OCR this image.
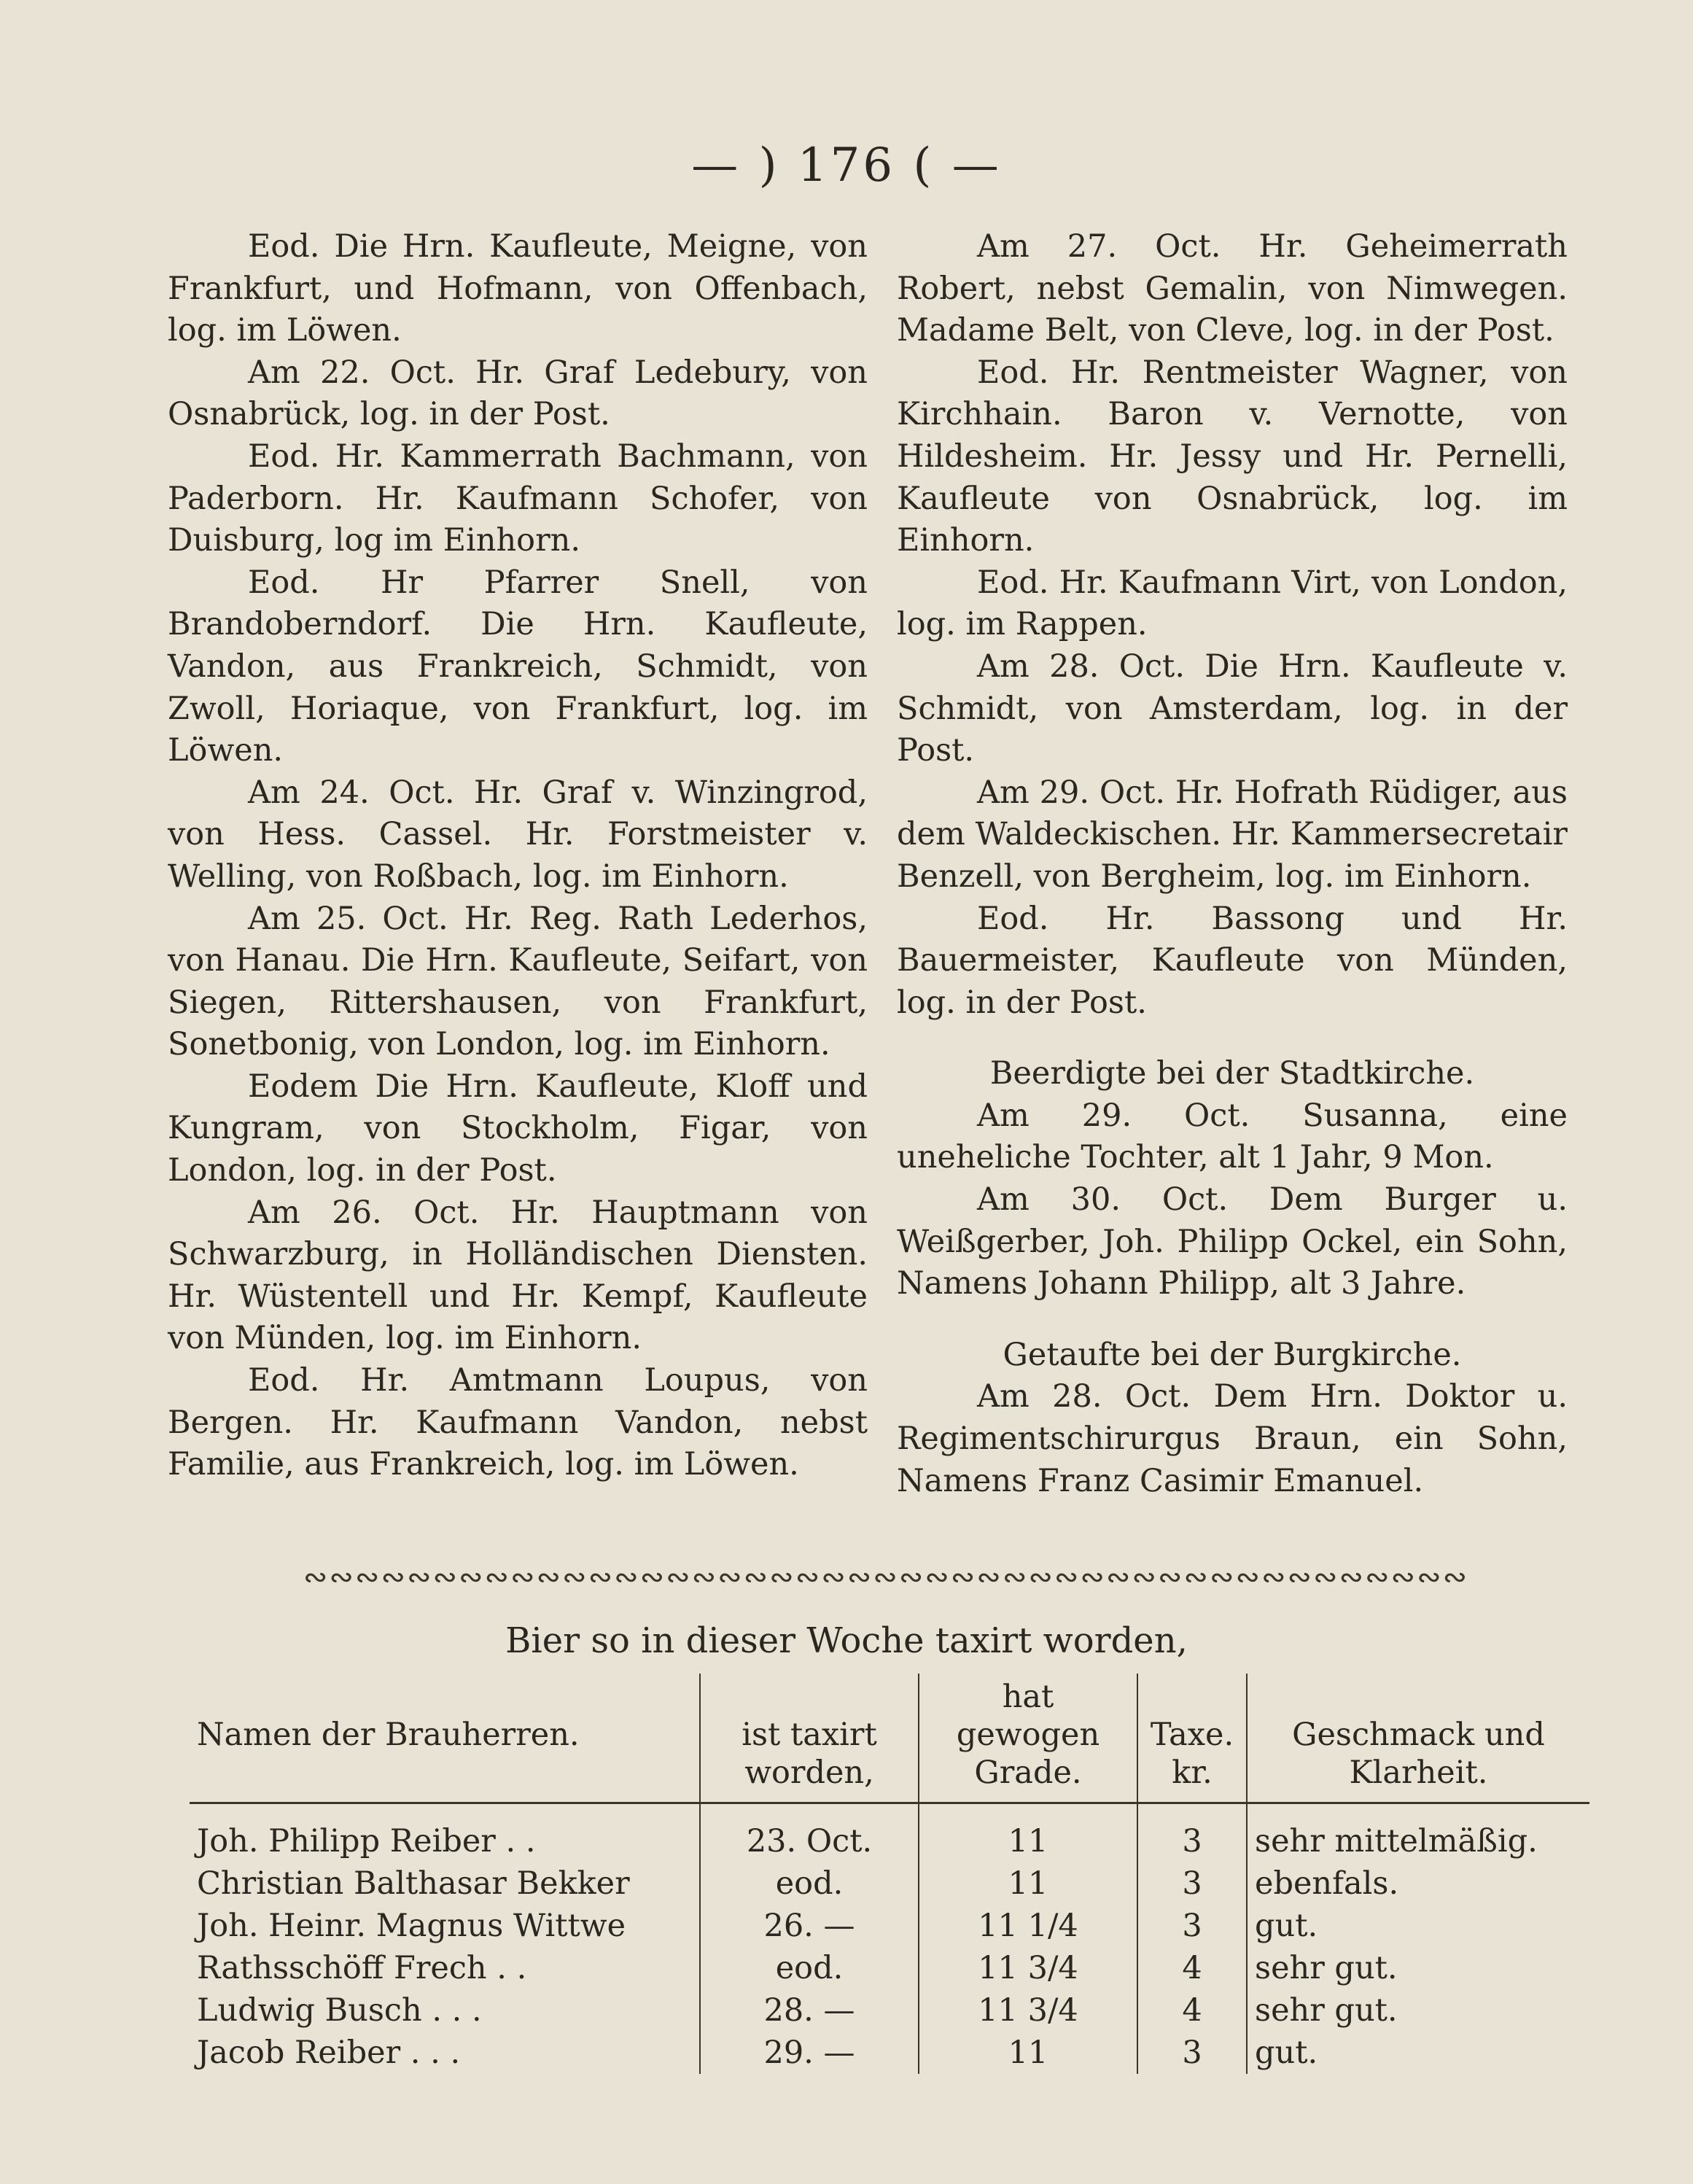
— ) 176 ( —

Eod. Die Hrn. Kaufleute, Meigne, von Frankfurt, und Hofmann, von Offenbach, log. im Löwen.

Am 22. Oct. Hr. Graf Ledebury, von Osnabrück, log. in der Post.

Eod. Hr. Kammerrath Bachmann, von Paderborn. Hr. Kaufmann Schofer, von Duisburg, log im Einhorn.

Eod. Hr Pfarrer Snell, von Brandoberndorf. Die Hrn. Kaufleute, Vandon, aus Frankreich, Schmidt, von Zwoll, Horiaque, von Frankfurt, log. im Löwen.

Am 24. Oct. Hr. Graf v. Winzingrod, von Hess. Cassel. Hr. Forstmeister v. Welling, von Roßbach, log. im Einhorn.

Am 25. Oct. Hr. Reg. Rath Lederhos, von Hanau. Die Hrn. Kaufleute, Seifart, von Siegen, Rittershausen, von Frankfurt, Sonetbonig, von London, log. im Einhorn.

Eodem Die Hrn. Kaufleute, Kloff und Kungram, von Stockholm, Figar, von London, log. in der Post.

Am 26. Oct. Hr. Hauptmann von Schwarzburg, in Holländischen Diensten. Hr. Wüstentell und Hr. Kempf, Kaufleute von Münden, log. im Einhorn.

Eod. Hr. Amtmann Loupus, von Bergen. Hr. Kaufmann Vandon, nebst Familie, aus Frankreich, log. im Löwen.

Am 27. Oct. Hr. Geheimerrath Robert, nebst Gemalin, von Nimwegen. Madame Belt, von Cleve, log. in der Post.

Eod. Hr. Rentmeister Wagner, von Kirchhain. Baron v. Vernotte, von Hildesheim. Hr. Jessy und Hr. Pernelli, Kaufleute von Osnabrück, log. im Einhorn.

Eod. Hr. Kaufmann Virt, von London, log. im Rappen.

Am 28. Oct. Die Hrn. Kaufleute v. Schmidt, von Amsterdam, log. in der Post.

Am 29. Oct. Hr. Hofrath Rüdiger, aus dem Waldeckischen. Hr. Kammersecretair Benzell, von Bergheim, log. im Einhorn.

Eod. Hr. Bassong und Hr. Bauermeister, Kaufleute von Münden, log. in der Post.

Beerdigte bei der Stadtkirche.

Am 29. Oct. Susanna, eine uneheliche Tochter, alt 1 Jahr, 9 Mon.

Am 30. Oct. Dem Burger u. Weißgerber, Joh. Philipp Ockel, ein Sohn, Namens Johann Philipp, alt 3 Jahre.

Getaufte bei der Burgkirche.

Am 28. Oct. Dem Hrn. Doktor u. Regimentschirurgus Braun, ein Sohn, Namens Franz Casimir Emanuel.

∾∾∾∾∾∾∾∾∾∾∾∾∾∾∾∾∾∾∾∾∾∾∾∾∾∾∾∾∾∾∾∾∾∾∾∾∾∾∾∾∾∾∾∾∾
Bier so in dieser Woche taxirt worden,
Namen der Brauherren.	ist taxirt worden,	hat gewogen Grade.	Taxe. kr.	Geschmack und Klarheit.
Joh. Philipp Reiber . .	23. Oct.	11	3	sehr mittelmäßig.
Christian Balthasar Bekker	eod.	11	3	ebenfals.
Joh. Heinr. Magnus Wittwe	26. —	11 1/4	3	gut.
Rathsschöff Frech . .	eod.	11 3/4	4	sehr gut.
Ludwig Busch . . .	28. —	11 3/4	4	sehr gut.
Jacob Reiber . . .	29. —	11	3	gut.
